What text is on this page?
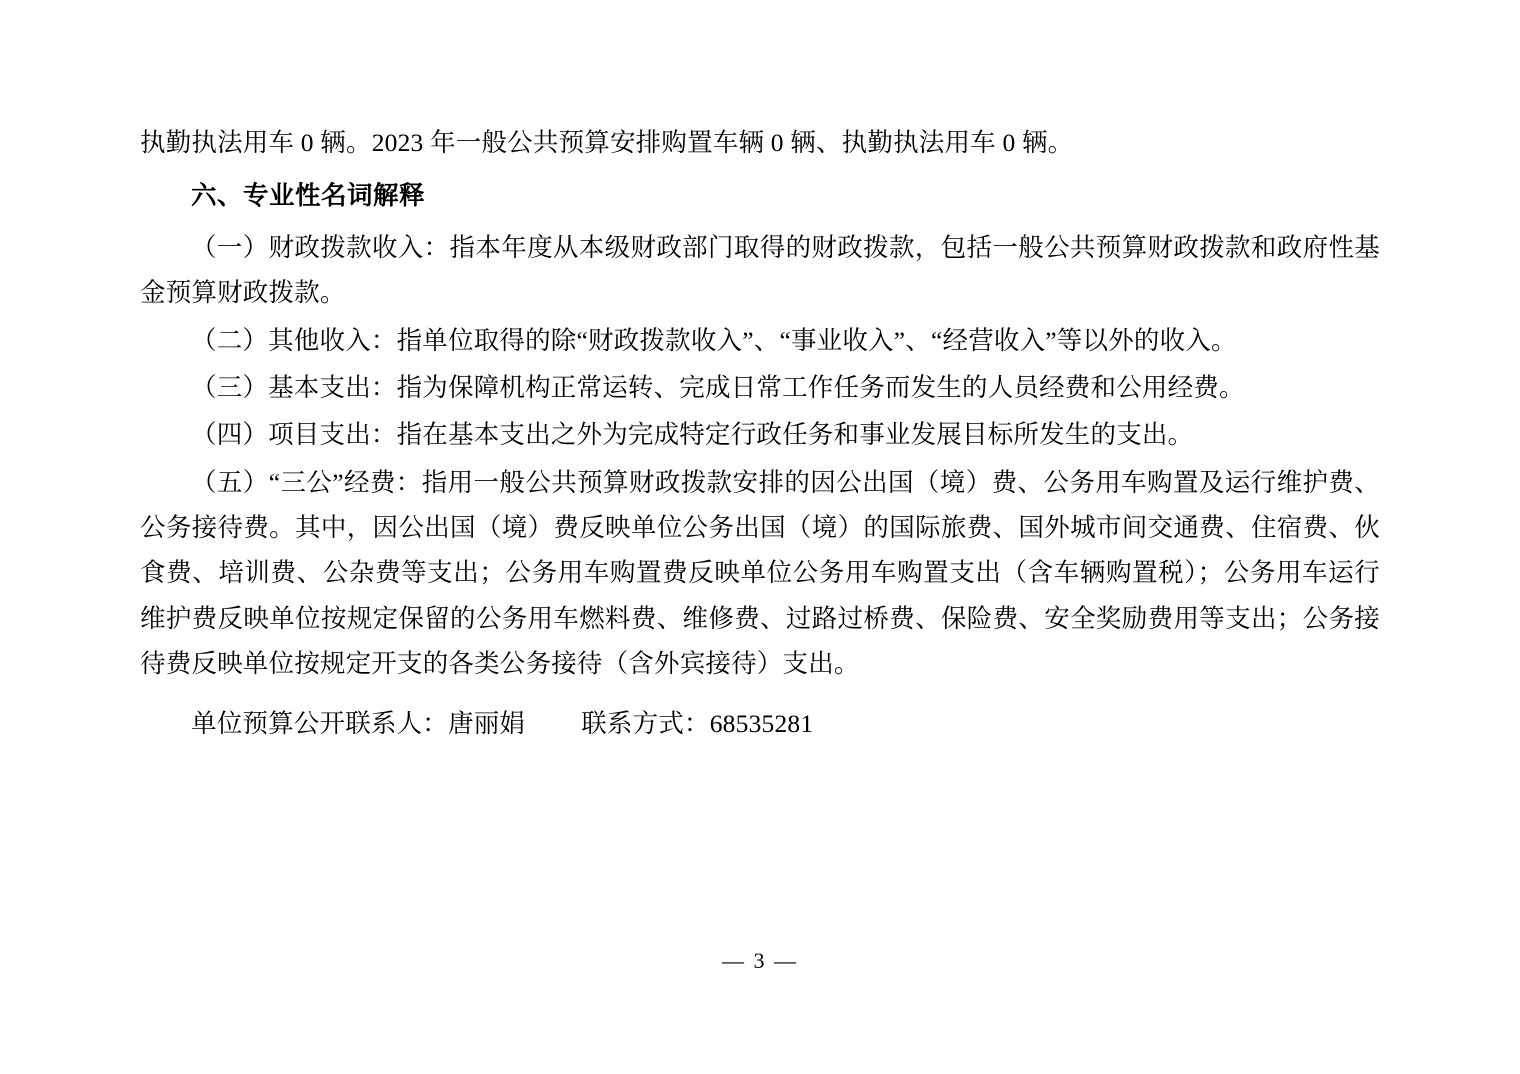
执勤执法用车 0 辆。2023 年一般公共预算安排购置车辆 0 辆、执勤执法用车 0 辆。

六、专业性名词解释

（一）财政拨款收入：指本年度从本级财政部门取得的财政拨款，包括一般公共预算财政拨款和政府性基金预算财政拨款。

（二）其他收入：指单位取得的除“财政拨款收入”、“事业收入”、“经营收入”等以外的收入。

（三）基本支出：指为保障机构正常运转、完成日常工作任务而发生的人员经费和公用经费。

（四）项目支出：指在基本支出之外为完成特定行政任务和事业发展目标所发生的支出。

（五）“三公”经费：指用一般公共预算财政拨款安排的因公出国（境）费、公务用车购置及运行维护费、公务接待费。其中，因公出国（境）费反映单位公务出国（境）的国际旅费、国外城市间交通费、住宿费、伙食费、培训费、公杂费等支出；公务用车购置费反映单位公务用车购置支出（含车辆购置税）；公务用车运行维护费反映单位按规定保留的公务用车燃料费、维修费、过路过桥费、保险费、安全奖励费用等支出；公务接待费反映单位按规定开支的各类公务接待（含外宾接待）支出。

单位预算公开联系人：唐丽娟 联系方式：68535281

— 3 —
